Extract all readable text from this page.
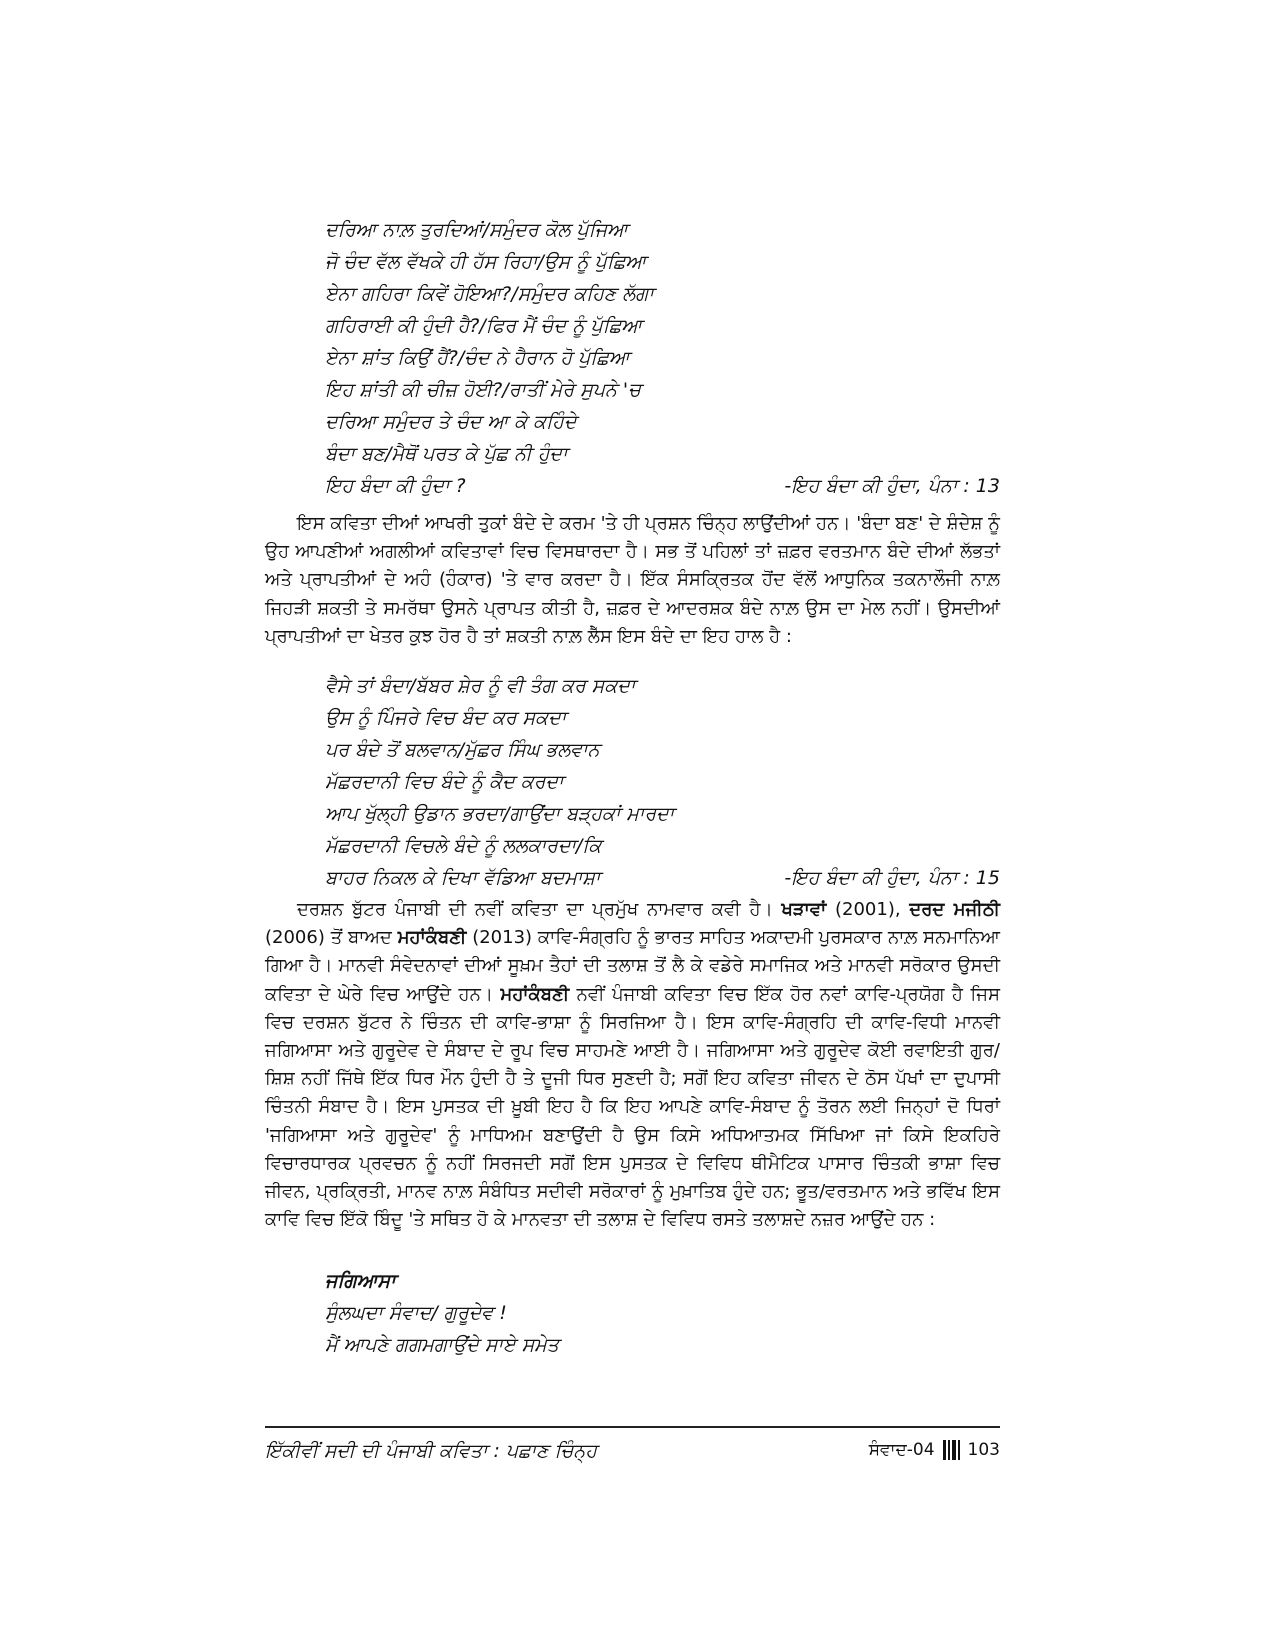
ਦਰਿਆ ਨਾਲ਼ ਤੁਰਦਿਆਂ/ਸਮੁੰਦਰ ਕੋਲ ਪੁੱਜਿਆ
ਜੋ ਚੰਦ ਵੱਲ ਵੱਖਕੇ ਹੀ ਹੱਸ ਰਿਹਾ/ਉਸ ਨੂੰ ਪੁੱਛਿਆ
ਏਨਾ ਗਹਿਰਾ ਕਿਵੇਂ ਹੋਇਆ?/ਸਮੁੰਦਰ ਕਹਿਣ ਲੱਗਾ
ਗਹਿਰਾਈ ਕੀ ਹੁੰਦੀ ਹੈ?/ਫਿਰ ਮੈਂ ਚੰਦ ਨੂੰ ਪੁੱਛਿਆ
ਏਨਾ ਸ਼ਾਂਤ ਕਿਉਂ ਹੈਂ?/ਚੰਦ ਨੇ ਹੈਰਾਨ ਹੋ ਪੁੱਛਿਆ
ਇਹ ਸ਼ਾਂਤੀ ਕੀ ਚੀਜ਼ ਹੋਈ?/ਰਾਤੀਂ ਮੇਰੇ ਸੁਪਨੇ 'ਚ
ਦਰਿਆ ਸਮੁੰਦਰ ਤੇ ਚੰਦ ਆ ਕੇ ਕਹਿੰਦੇ
ਬੰਦਾ ਬਣ/ਮੈਥੋਂ ਪਰਤ ਕੇ ਪੁੱਛ ਨੀ ਹੁੰਦਾ
ਇਹ ਬੰਦਾ ਕੀ ਹੁੰਦਾ ?	-ਇਹ ਬੰਦਾ ਕੀ ਹੁੰਦਾ, ਪੰਨਾ : 13

ਇਸ ਕਵਿਤਾ ਦੀਆਂ ਆਖਰੀ ਤੁਕਾਂ ਬੰਦੇ ਦੇ ਕਰਮ 'ਤੇ ਹੀ ਪ੍ਰਸ਼ਨ ਚਿੰਨ੍ਹ ਲਾਉਂਦੀਆਂ ਹਨ। 'ਬੰਦਾ ਬਣ' ਦੇ ਸ਼ੰਦੇਸ਼ ਨੂੰ ਉਹ ਆਪਣੀਆਂ ਅਗਲੀਆਂ ਕਵਿਤਾਵਾਂ ਵਿਚ ਵਿਸਥਾਰਦਾ ਹੈ। ਸਭ ਤੋਂ ਪਹਿਲਾਂ ਤਾਂ ਜ਼ਫ਼ਰ ਵਰਤਮਾਨ ਬੰਦੇ ਦੀਆਂ ਲੱਭਤਾਂ ਅਤੇ ਪ੍ਰਾਪਤੀਆਂ ਦੇ ਅਹੰ (ਹੰਕਾਰ) 'ਤੇ ਵਾਰ ਕਰਦਾ ਹੈ। ਇੱਕ ਸੰਸਕ੍ਰਿਤਕ ਹੋਂਦ ਵੱਲੋਂ ਆਧੁਨਿਕ ਤਕਨਾਲੌਜੀ ਨਾਲ਼ ਜਿਹੜੀ ਸ਼ਕਤੀ ਤੇ ਸਮਰੱਥਾ ਉਸਨੇ ਪ੍ਰਾਪਤ ਕੀਤੀ ਹੈ, ਜ਼ਫ਼ਰ ਦੇ ਆਦਰਸ਼ਕ ਬੰਦੇ ਨਾਲ਼ ਉਸ ਦਾ ਮੇਲ ਨਹੀਂ। ਉਸਦੀਆਂ ਪ੍ਰਾਪਤੀਆਂ ਦਾ ਖੇਤਰ ਕੁਝ ਹੋਰ ਹੈ ਤਾਂ ਸ਼ਕਤੀ ਨਾਲ਼ ਲੈੱਸ ਇਸ ਬੰਦੇ ਦਾ ਇਹ ਹਾਲ ਹੈ :

ਵੈਸੇ ਤਾਂ ਬੰਦਾ/ਬੱਬਰ ਸ਼ੇਰ ਨੂੰ ਵੀ ਤੰਗ ਕਰ ਸਕਦਾ
ਉਸ ਨੂੰ ਪਿੰਜਰੇ ਵਿਚ ਬੰਦ ਕਰ ਸਕਦਾ
ਪਰ ਬੰਦੇ ਤੋਂ ਬਲਵਾਨ/ਮੁੱਛਰ ਸਿੰਘ ਭਲਵਾਨ
ਮੱਛਰਦਾਨੀ ਵਿਚ ਬੰਦੇ ਨੂੰ ਕੈਦ ਕਰਦਾ
ਆਪ ਖੁੱਲ੍ਹੀ ਉਡਾਨ ਭਰਦਾ/ਗਾਉਂਦਾ ਬੜ੍ਹਕਾਂ ਮਾਰਦਾ
ਮੱਛਰਦਾਨੀ ਵਿਚਲੇ ਬੰਦੇ ਨੂੰ ਲਲਕਾਰਦਾ/ਕਿ
ਬਾਹਰ ਨਿਕਲ ਕੇ ਦਿਖਾ ਵੱਡਿਆ ਬਦਮਾਸ਼ਾ	-ਇਹ ਬੰਦਾ ਕੀ ਹੁੰਦਾ, ਪੰਨਾ : 15

ਦਰਸ਼ਨ ਬੁੱਟਰ ਪੰਜਾਬੀ ਦੀ ਨਵੀਂ ਕਵਿਤਾ ਦਾ ਪ੍ਰਮੁੱਖ ਨਾਮਵਾਰ ਕਵੀ ਹੈ। ਖੜਾਵਾਂ (2001), ਦਰਦ ਮਜੀਠੀ (2006) ਤੋਂ ਬਾਅਦ ਮਹਾਂਕੰਬਣੀ (2013) ਕਾਵਿ-ਸੰਗ੍ਰਹਿ ਨੂੰ ਭਾਰਤ ਸਾਹਿਤ ਅਕਾਦਮੀ ਪੁਰਸਕਾਰ ਨਾਲ਼ ਸਨਮਾਨਿਆ ਗਿਆ ਹੈ। ਮਾਨਵੀ ਸੰਵੇਦਨਾਵਾਂ ਦੀਆਂ ਸੂਖ਼ਮ ਤੈਹਾਂ ਦੀ ਤਲਾਸ਼ ਤੋਂ ਲੈ ਕੇ ਵਡੇਰੇ ਸਮਾਜਿਕ ਅਤੇ ਮਾਨਵੀ ਸਰੋਕਾਰ ਉਸਦੀ ਕਵਿਤਾ ਦੇ ਘੇਰੇ ਵਿਚ ਆਉਂਦੇ ਹਨ। ਮਹਾਂਕੰਬਣੀ ਨਵੀਂ ਪੰਜਾਬੀ ਕਵਿਤਾ ਵਿਚ ਇੱਕ ਹੋਰ ਨਵਾਂ ਕਾਵਿ-ਪ੍ਰਯੋਗ ਹੈ ਜਿਸ ਵਿਚ ਦਰਸ਼ਨ ਬੁੱਟਰ ਨੇ ਚਿੰਤਨ ਦੀ ਕਾਵਿ-ਭਾਸ਼ਾ ਨੂੰ ਸਿਰਜਿਆ ਹੈ। ਇਸ ਕਾਵਿ-ਸੰਗ੍ਰਹਿ ਦੀ ਕਾਵਿ-ਵਿਧੀ ਮਾਨਵੀ ਜਗਿਆਸਾ ਅਤੇ ਗੁਰੂਦੇਵ ਦੇ ਸੰਬਾਦ ਦੇ ਰੂਪ ਵਿਚ ਸਾਹਮਣੇ ਆਈ ਹੈ। ਜਗਿਆਸਾ ਅਤੇ ਗੁਰੂਦੇਵ ਕੋਈ ਰਵਾਇਤੀ ਗੁਰ/ਸ਼ਿਸ਼ ਨਹੀਂ ਜਿੱਥੇ ਇੱਕ ਧਿਰ ਮੌਨ ਹੁੰਦੀ ਹੈ ਤੇ ਦੂਜੀ ਧਿਰ ਸੁਣਦੀ ਹੈ; ਸਗੋਂ ਇਹ ਕਵਿਤਾ ਜੀਵਨ ਦੇ ਠੋਸ ਪੱਖਾਂ ਦਾ ਦੁਪਾਸੀ ਚਿੰਤਨੀ ਸੰਬਾਦ ਹੈ। ਇਸ ਪੁਸਤਕ ਦੀ ਖ਼ੂਬੀ ਇਹ ਹੈ ਕਿ ਇਹ ਆਪਣੇ ਕਾਵਿ-ਸੰਬਾਦ ਨੂੰ ਤੋਰਨ ਲਈ ਜਿਨ੍ਹਾਂ ਦੋ ਧਿਰਾਂ 'ਜਗਿਆਸਾ ਅਤੇ ਗੁਰੂਦੇਵ' ਨੂੰ ਮਾਧਿਅਮ ਬਣਾਉਂਦੀ ਹੈ ਉਸ ਕਿਸੇ ਅਧਿਆਤਮਕ ਸਿੱਖਿਆ ਜਾਂ ਕਿਸੇ ਇਕਹਿਰੇ ਵਿਚਾਰਧਾਰਕ ਪ੍ਰਵਚਨ ਨੂੰ ਨਹੀਂ ਸਿਰਜਦੀ ਸਗੋਂ ਇਸ ਪੁਸਤਕ ਦੇ ਵਿਵਿਧ ਥੀਮੈਟਿਕ ਪਾਸਾਰ ਚਿੰਤਕੀ ਭਾਸ਼ਾ ਵਿਚ ਜੀਵਨ, ਪ੍ਰਕ੍ਰਿਤੀ, ਮਾਨਵ ਨਾਲ਼ ਸੰਬੰਧਿਤ ਸਦੀਵੀ ਸਰੋਕਾਰਾਂ ਨੂੰ ਮੁਖ਼ਾਤਿਬ ਹੁੰਦੇ ਹਨ; ਭੂਤ/ਵਰਤਮਾਨ ਅਤੇ ਭਵਿੱਖ ਇਸ ਕਾਵਿ ਵਿਚ ਇੱਕੋ ਬਿੰਦੂ 'ਤੇ ਸਥਿਤ ਹੋ ਕੇ ਮਾਨਵਤਾ ਦੀ ਤਲਾਸ਼ ਦੇ ਵਿਵਿਧ ਰਸਤੇ ਤਲਾਸ਼ਦੇ ਨਜ਼ਰ ਆਉਂਦੇ ਹਨ :

ਜਗਿਆਸਾ
ਸੁੰਲਘਦਾ ਸੰਵਾਦ/ ਗੁਰੂਦੇਵ !
ਮੈਂ ਆਪਣੇ ਗਗਮਗਾਉਂਦੇ ਸਾਏ ਸਮੇਤ
ਇੱਕੀਵੀਂ ਸਦੀ ਦੀ ਪੰਜਾਬੀ ਕਵਿਤਾ : ਪਛਾਣ ਚਿੰਨ੍ਹ	ਸੰਵਾਦ-04 103
